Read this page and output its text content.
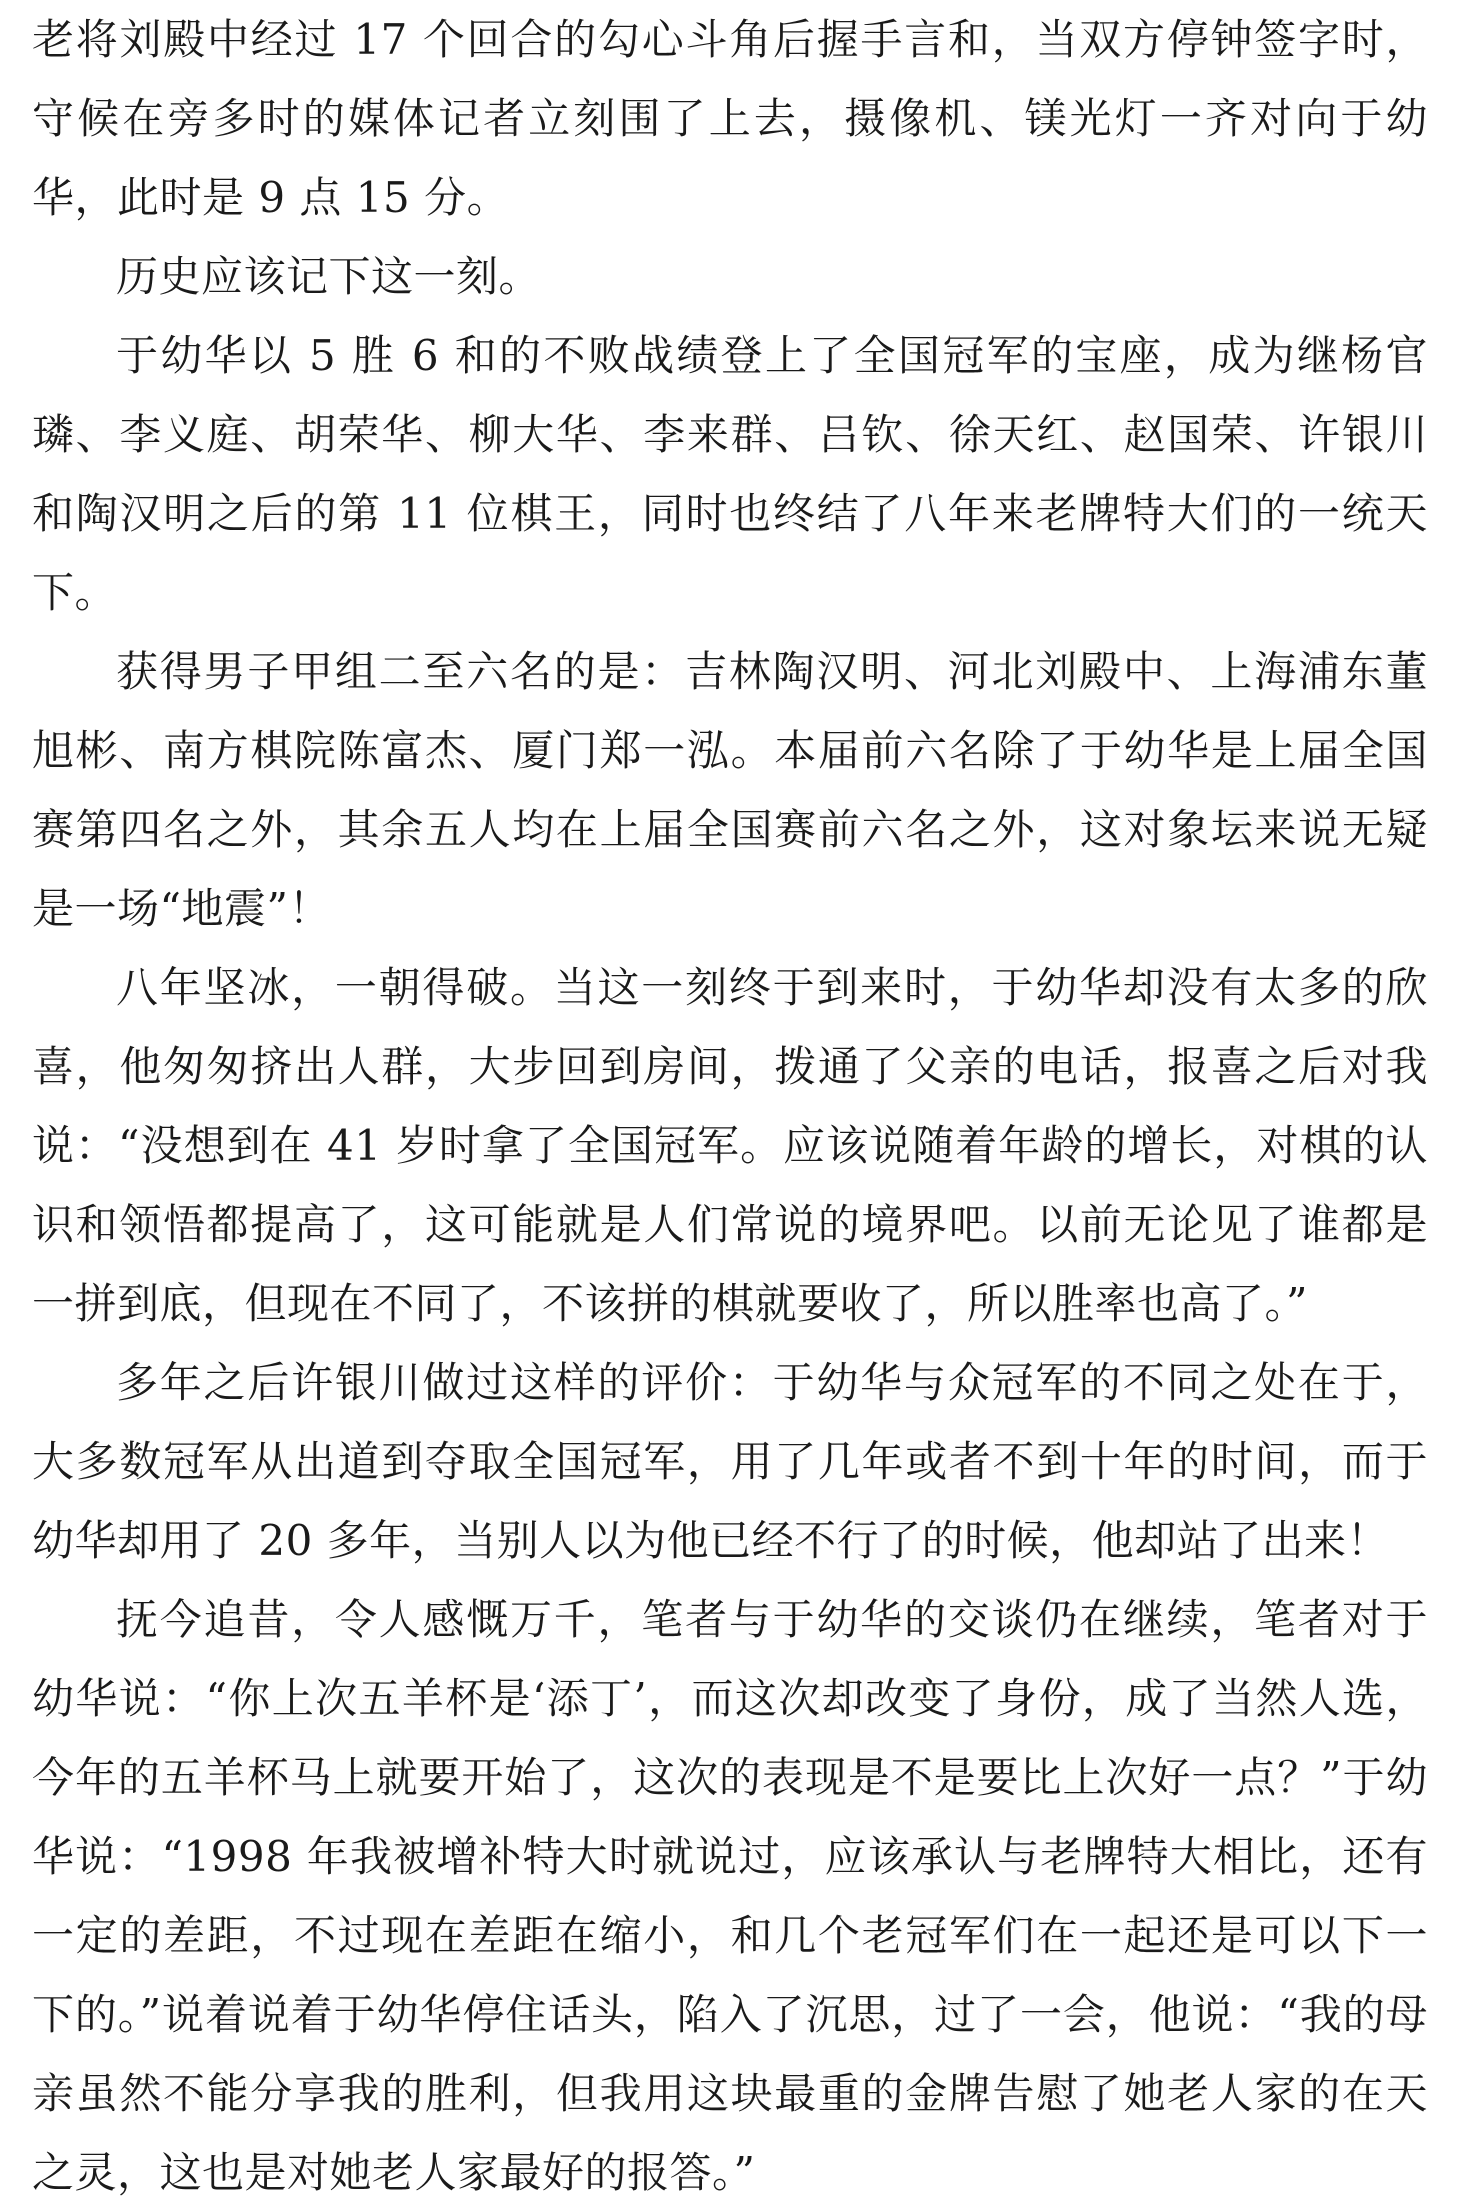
老将刘殿中经过 17 个回合的勾心斗角后握手言和，当双方停钟签字时，守候在旁多时的媒体记者立刻围了上去，摄像机、镁光灯一齐对向于幼华，此时是 9 点 15 分。

历史应该记下这一刻。

于幼华以 5 胜 6 和的不败战绩登上了全国冠军的宝座，成为继杨官璘、李义庭、胡荣华、柳大华、李来群、吕钦、徐天红、赵国荣、许银川和陶汉明之后的第 11 位棋王，同时也终结了八年来老牌特大们的一统天下。

获得男子甲组二至六名的是：吉林陶汉明、河北刘殿中、上海浦东董旭彬、南方棋院陈富杰、厦门郑一泓。本届前六名除了于幼华是上届全国赛第四名之外，其余五人均在上届全国赛前六名之外，这对象坛来说无疑是一场“地震”！

八年坚冰，一朝得破。当这一刻终于到来时，于幼华却没有太多的欣喜，他匆匆挤出人群，大步回到房间，拨通了父亲的电话，报喜之后对我说：“没想到在 41 岁时拿了全国冠军。应该说随着年龄的增长，对棋的认识和领悟都提高了，这可能就是人们常说的境界吧。以前无论见了谁都是一拼到底，但现在不同了，不该拼的棋就要收了，所以胜率也高了。”

多年之后许银川做过这样的评价：于幼华与众冠军的不同之处在于，大多数冠军从出道到夺取全国冠军，用了几年或者不到十年的时间，而于幼华却用了 20 多年，当别人以为他已经不行了的时候，他却站了出来！

抚今追昔，令人感慨万千，笔者与于幼华的交谈仍在继续，笔者对于幼华说：“你上次五羊杯是‘添丁’，而这次却改变了身份，成了当然人选，今年的五羊杯马上就要开始了，这次的表现是不是要比上次好一点？”于幼华说：“1998 年我被增补特大时就说过，应该承认与老牌特大相比，还有一定的差距，不过现在差距在缩小，和几个老冠军们在一起还是可以下一下的。”说着说着于幼华停住话头，陷入了沉思，过了一会，他说：“我的母亲虽然不能分享我的胜利，但我用这块最重的金牌告慰了她老人家的在天之灵，这也是对她老人家最好的报答。”
